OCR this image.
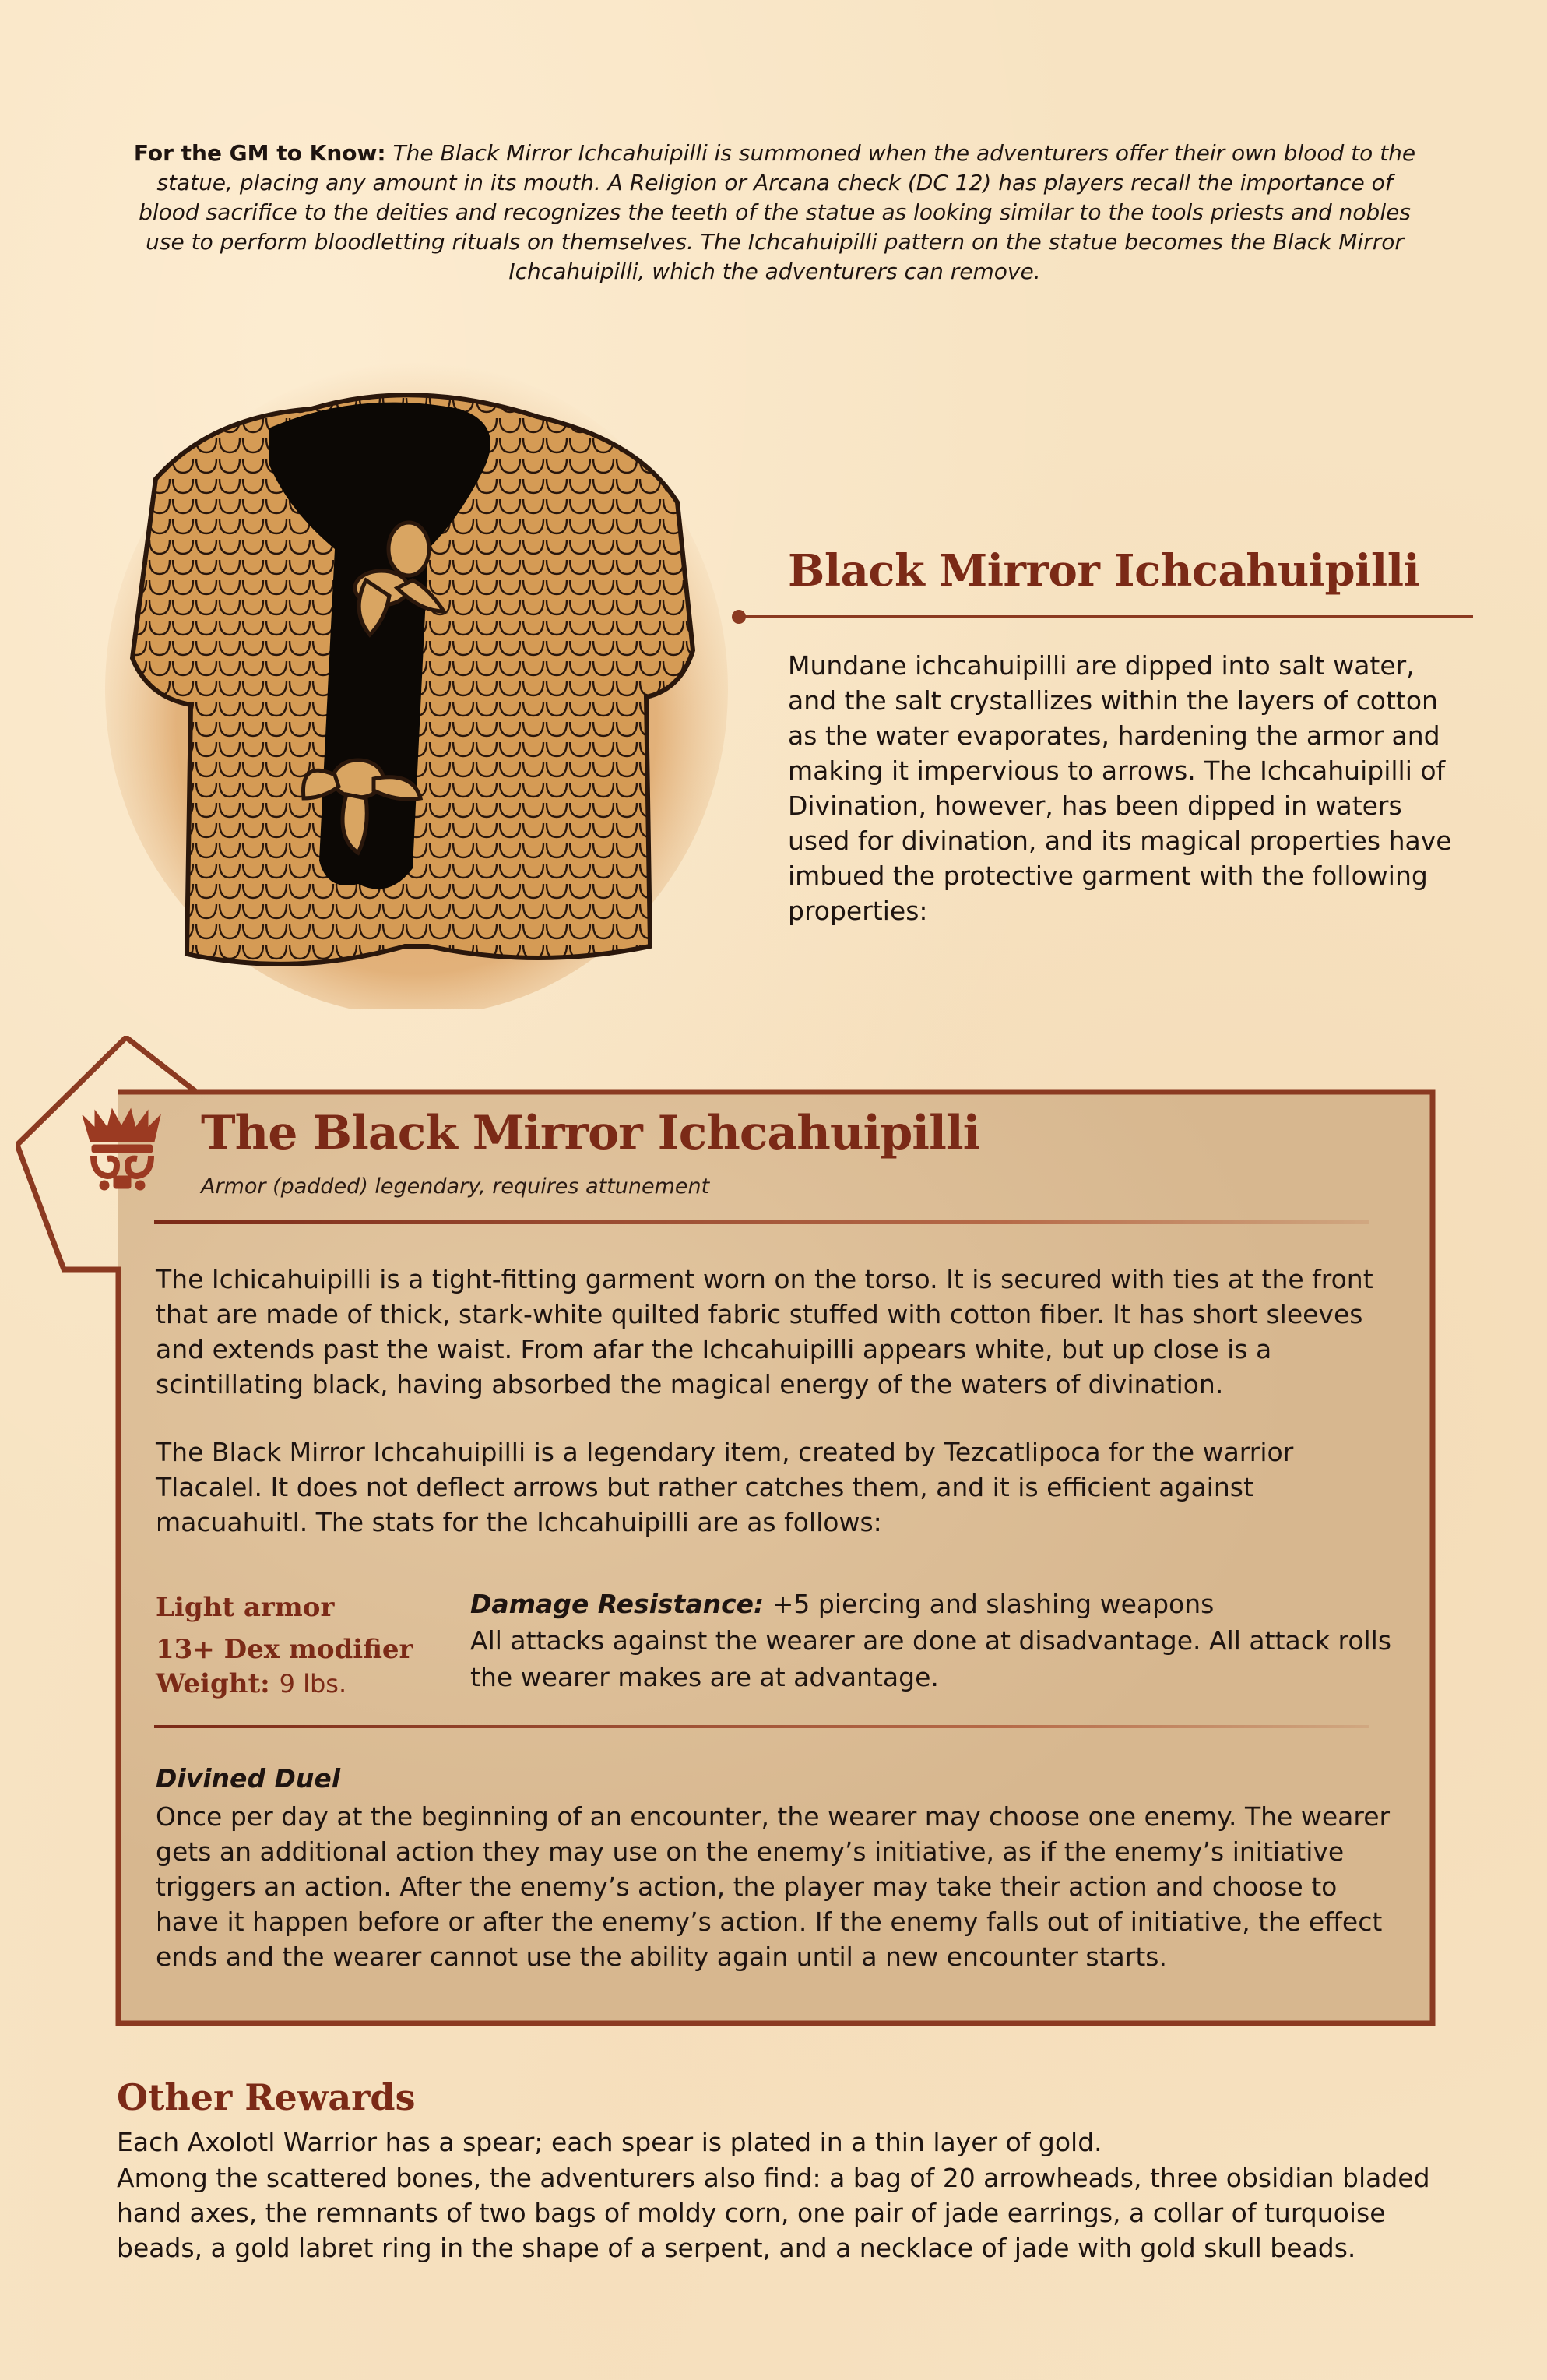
For the GM to Know: The Black Mirror Ichcahuipilli is summoned when the adventurers offer their own blood to the statue, placing any amount in its mouth. A Religion or Arcana check (DC 12) has players recall the importance of blood sacrifice to the deities and recognizes the teeth of the statue as looking similar to the tools priests and nobles use to perform bloodletting rituals on themselves. The Ichcahuipilli pattern on the statue becomes the Black Mirror Ichcahuipilli, which the adventurers can remove.
Black Mirror Ichcahuipilli
Mundane ichcahuipilli are dipped into salt water, and the salt crystallizes within the layers of cotton as the water evaporates, hardening the armor and making it impervious to arrows. The Ichcahuipilli of Divination, however, has been dipped in waters used for divination, and its magical properties have imbued the protective garment with the following properties:
The Black Mirror Ichcahuipilli
Armor (padded) legendary, requires attunement
The Ichicahuipilli is a tight-fitting garment worn on the torso. It is secured with ties at the front that are made of thick, stark-white quilted fabric stuffed with cotton fiber. It has short sleeves and extends past the waist. From afar the Ichcahuipilli appears white, but up close is a scintillating black, having absorbed the magical energy of the waters of divination.
The Black Mirror Ichcahuipilli is a legendary item, created by Tezcatlipoca for the warrior Tlacalel. It does not deflect arrows but rather catches them, and it is efficient against macuahuitl. The stats for the Ichcahuipilli are as follows:
Light armor
13+ Dex modifier
Weight: 9 lbs.
Damage Resistance: +5 piercing and slashing weapons
All attacks against the wearer are done at disadvantage. All attack rolls the wearer makes are at advantage.
Divined Duel
Once per day at the beginning of an encounter, the wearer may choose one enemy. The wearer gets an additional action they may use on the enemy’s initiative, as if the enemy’s initiative triggers an action. After the enemy’s action, the player may take their action and choose to have it happen before or after the enemy’s action. If the enemy falls out of initiative, the effect ends and the wearer cannot use the ability again until a new encounter starts.
Other Rewards
Each Axolotl Warrior has a spear; each spear is plated in a thin layer of gold.
Among the scattered bones, the adventurers also find: a bag of 20 arrowheads, three obsidian bladed hand axes, the remnants of two bags of moldy corn, one pair of jade earrings, a collar of turquoise beads, a gold labret ring in the shape of a serpent, and a necklace of jade with gold skull beads.
